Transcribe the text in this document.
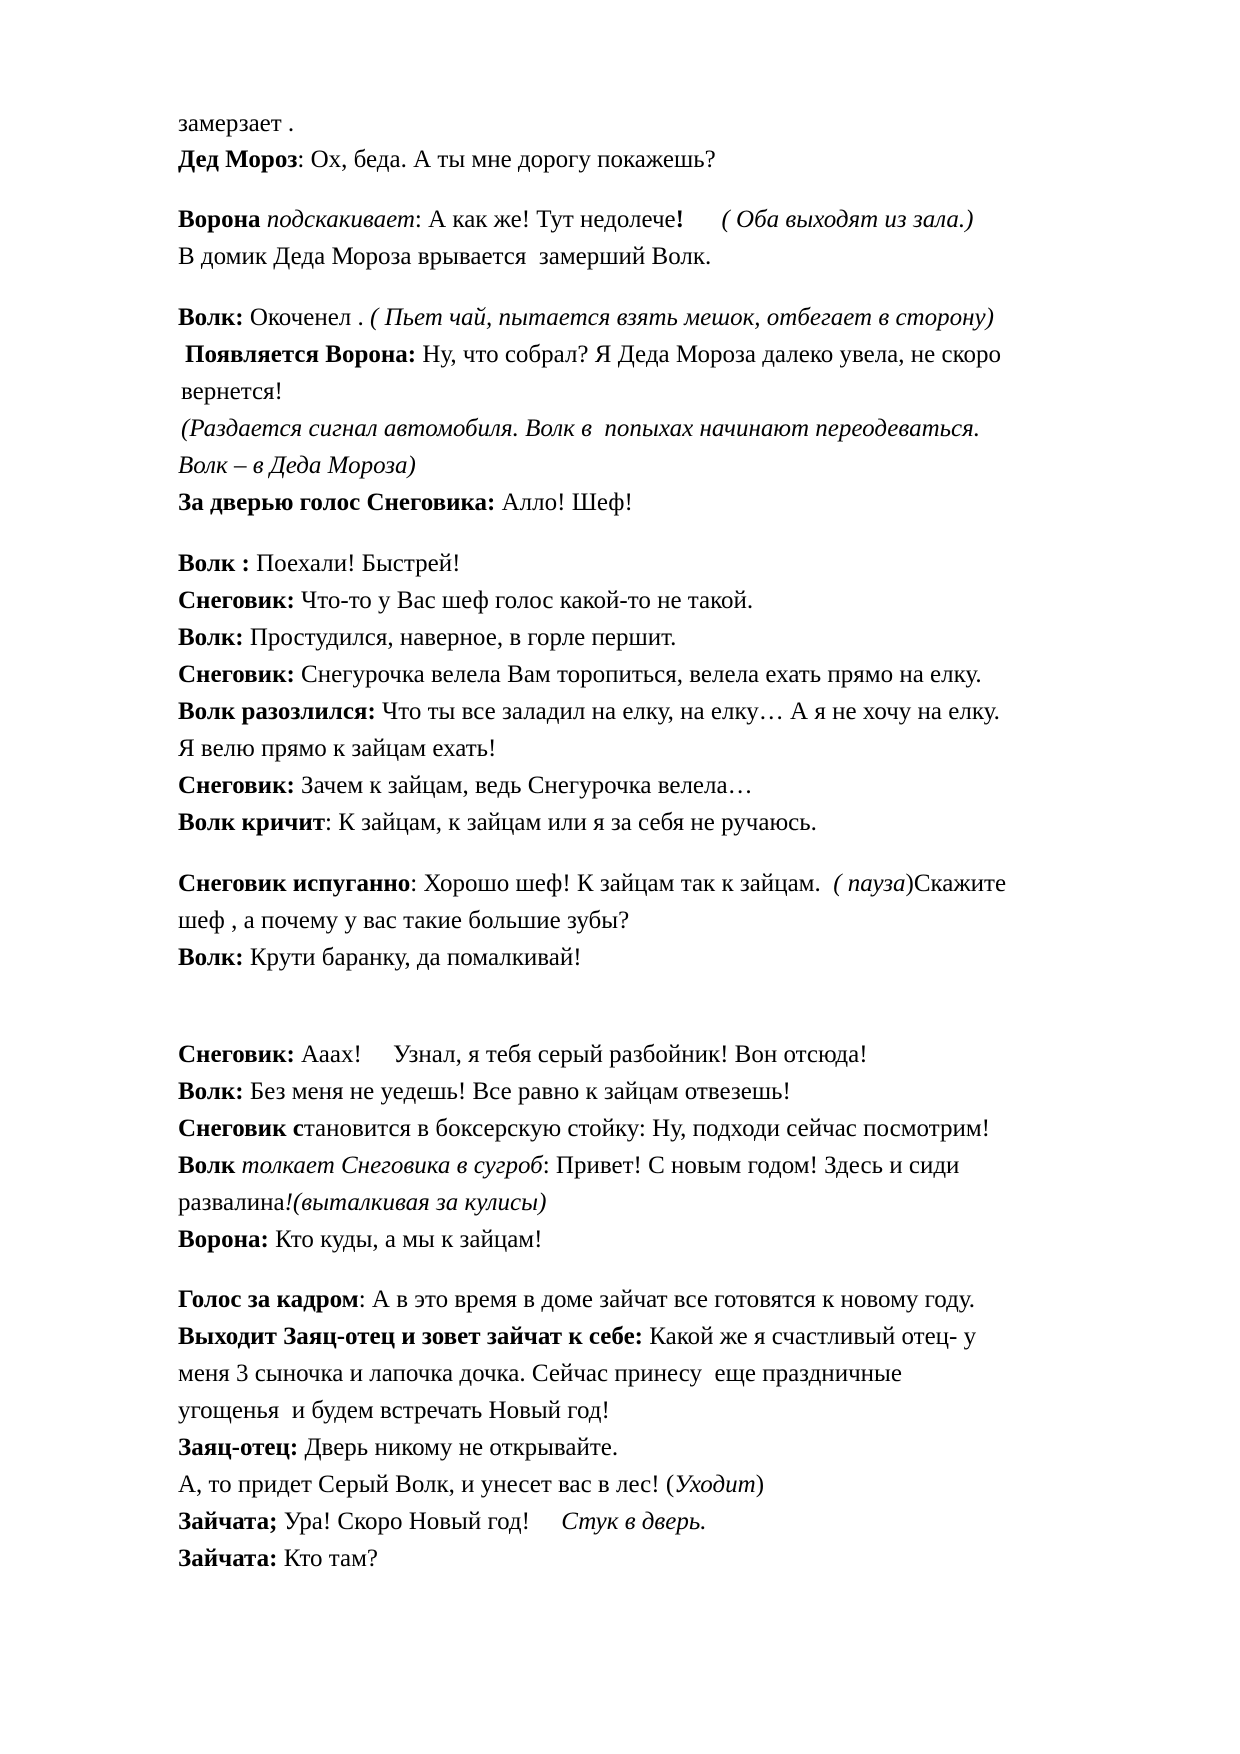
замерзает .
Дед Мороз: Ох, беда. А ты мне дорогу покажешь?
Ворона подскакивает: А как же! Тут недолече! ( Оба выходят из зала.)
В домик Деда Мороза врывается  замерший Волк.
Волк: Окоченел . ( Пьет чай, пытается взять мешок, отбегает в сторону)
Появляется Ворона: Ну, что собрал? Я Деда Мороза далеко увела, не скоро
вернется!
(Раздается сигнал автомобиля. Волк в  попыхах начинают переодеваться.
Волк – в Деда Мороза)
За дверью голос Снеговика: Алло! Шеф!
Волк : Поехали! Быстрей!
Снеговик: Что-то у Вас шеф голос какой-то не такой.
Волк: Простудился, наверное, в горле першит.
Снеговик: Снегурочка велела Вам торопиться, велела ехать прямо на елку.
Волк разозлился: Что ты все заладил на елку, на елку… А я не хочу на елку.
Я велю прямо к зайцам ехать!
Снеговик: Зачем к зайцам, ведь Снегурочка велела…
Волк кричит: К зайцам, к зайцам или я за себя не ручаюсь.
Снеговик испуганно: Хорошо шеф! К зайцам так к зайцам.  ( пауза)Скажите
шеф , а почему у вас такие большие зубы?
Волк: Крути баранку, да помалкивай!
Снеговик: Ааах!     Узнал, я тебя серый разбойник! Вон отсюда!
Волк: Без меня не уедешь! Все равно к зайцам отвезешь!
Снеговик становится в боксерскую стойку: Ну, подходи сейчас посмотрим!
Волк толкает Снеговика в сугроб: Привет! С новым годом! Здесь и сиди
развалина!(выталкивая за кулисы)
Ворона: Кто куды, а мы к зайцам!
Голос за кадром: А в это время в доме зайчат все готовятся к новому году.
Выходит Заяц-отец и зовет зайчат к себе: Какой же я счастливый отец- у
меня 3 сыночка и лапочка дочка. Сейчас принесу  еще праздничные
угощенья  и будем встречать Новый год!
Заяц-отец: Дверь никому не открывайте.
А, то придет Серый Волк, и унесет вас в лес! (Уходит)
Зайчата; Ура! Скоро Новый год!     Стук в дверь.
Зайчата: Кто там?
